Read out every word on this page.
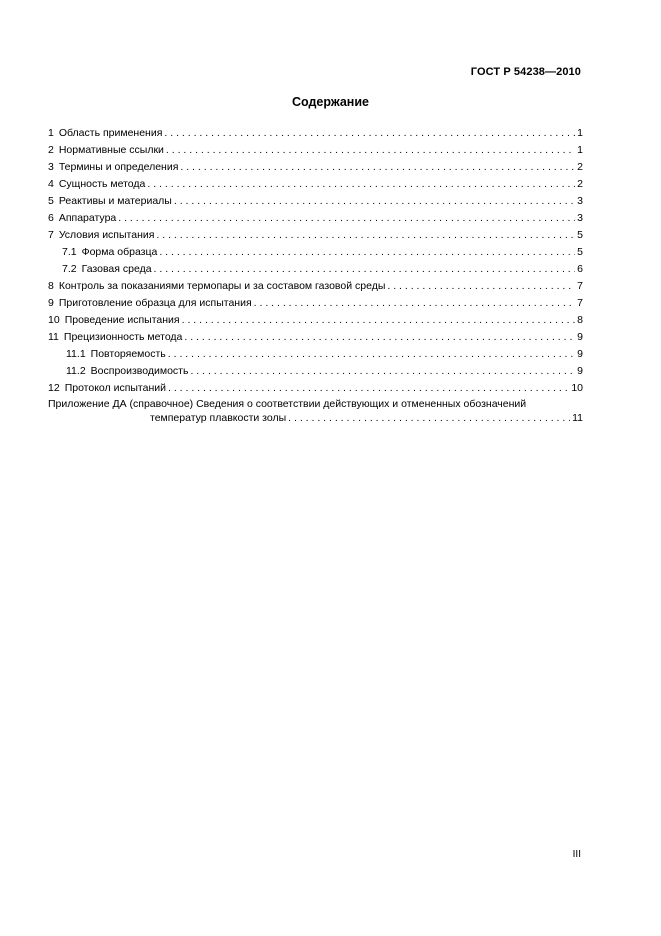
ГОСТ Р 54238—2010
Содержание
1 Область применения . . .	1
2 Нормативные ссылки . . .	1
3 Термины и определения . . .	2
4 Сущность метода . . .	2
5 Реактивы и материалы . . .	3
6 Аппаратура . . .	3
7 Условия испытания . . .	5
7.1 Форма образца . . .	5
7.2 Газовая среда . . .	6
8 Контроль за показаниями термопары и за составом газовой среды . . .	7
9 Приготовление образца для испытания . . .	7
10 Проведение испытания . . .	8
11 Прецизионность метода . . .	9
11.1 Повторяемость . . .	9
11.2 Воспроизводимость . . .	9
12 Протокол испытаний . . .	10
Приложение ДА (справочное) Сведения о соответствии действующих и отмененных обозначений
температур плавкости золы . . .	11
III
